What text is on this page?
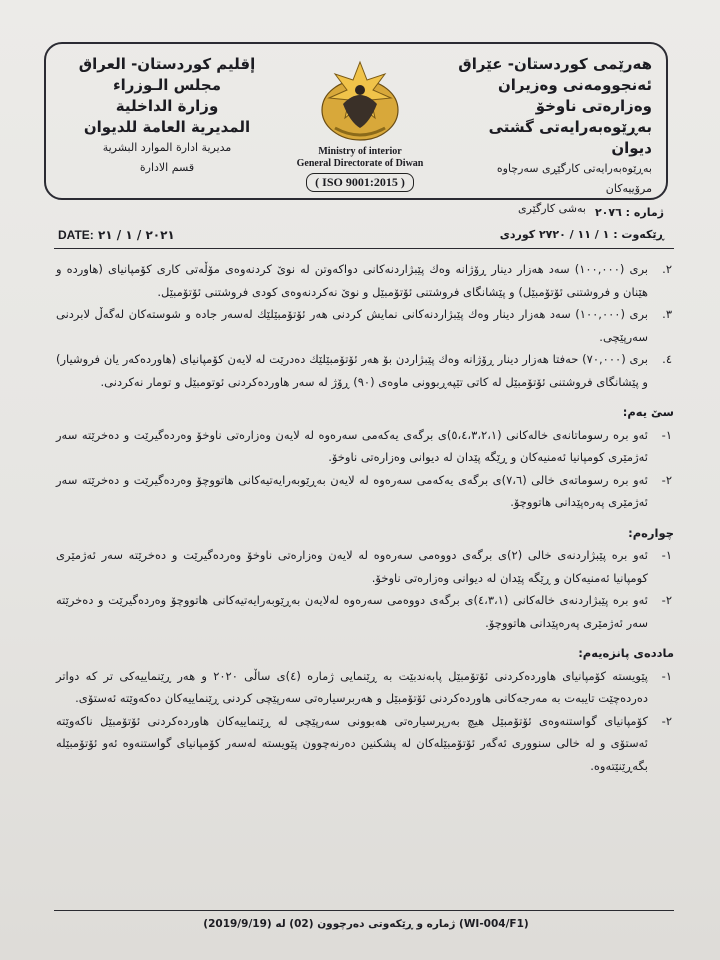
هەرێمی کوردستان- عێراق
ئەنجوومەنی وەزیران
وەزارەتی ناوخۆ
بەڕێوەبەرایەتی گشتی دیوان
بەڕێوەبەرایەتی کارگێڕی سەرچاوە مرۆییەکان
بەشی کارگێری
Ministry of interior
General Directorate of Diwan
( ISO 9001:2015 )
إقليم كوردستان- العراق
مجلس الـوزراء
وزارة الداخلية
المديرية العامة للديوان
مديرية ادارة الموارد البشرية
قسم الادارة
ژمارە : ٢٠٧٦
ڕێکەوت : ١ / ١١ / ٢٧٢٠ کوردی
DATE: ٢٠٢١ / ١ / ٢١
٢.
بری (١٠٠,٠٠٠) سەد هەزار دینار ڕۆژانە وەك پێبژاردنەکانی دواکەوتن لە نوێ کردنەوەی مۆڵەتی کاری کۆمپانیای (هاوردە و هێنان و فروشتنی ئۆتۆمبێل) و پێشانگای فروشتنی ئۆتۆمبێل و نوێ نەکردنەوەی کودی فروشتنی ئۆتۆمبێل.
٣.
بری (١٠٠,٠٠٠) سەد هەزار دینار وەك پێبژاردنەکانی نمایش کردنی هەر ئۆتۆمبێلێك لەسەر جادە و شوستەکان لەگەڵ لابردنی سەرپێچی.
٤.
بری (٧٠,٠٠٠) حەفتا هەزار دینار ڕۆژانە وەك پێبژاردن بۆ هەر ئۆتۆمبێلێك دەدرێت لە لایەن کۆمپانیای (هاوردەکەر یان فروشیار) و پێشانگای فروشتنی ئۆتۆمبێل لە کاتی تێپەڕبوونی ماوەی (٩٠) ڕۆژ لە سەر هاوردەکردنی ئوتومبێل و تومار نەکردنی.
سێ یەم:
١-
ئەو برە رسوماتانەی خالەکانی (٥،٤،٣،٢،١)ی برگەی یەکەمی سەرەوە لە لایەن وەزارەتی ناوخۆ وەردەگیرێت و دەخرێتە سەر ئەژمێری کومپانیا ئەمنیەکان و ڕێگە پێدان لە دیوانی وەزارەتی ناوخۆ.
٢-
ئەو برە رسوماتەی خالی (٧،٦)ی برگەی یەکەمی سەرەوە لە لایەن بەڕێوبەرایەتیەکانی هاتووچۆ وەردەگیرێت و دەخرێتە سەر ئەژمێری پەرەپێدانی هاتووچۆ.
چوارەم:
١-
ئەو برە پێبژاردنەی خالی (٢)ی برگەی دووەمی سەرەوە لە لایەن وەزارەتی ناوخۆ وەردەگیرێت و دەخرێتە سەر ئەژمێری کومپانیا ئەمنیەکان و ڕێگە پێدان لە دیوانی وەزارەتی ناوخۆ.
٢-
ئەو برە پێبژاردنەی خالەکانی (٤،٣،١)ی برگەی دووەمی سەرەوە لەلایەن بەڕێوبەرایەتیەکانی هاتووچۆ وەردەگیرێت و دەخرێتە سەر ئەژمێری پەرەپێدانی هاتووچۆ.
ماددەی پانزەیەم:
١-
پێویستە کۆمپانیای هاوردەکردنی ئۆتۆمبێل پابەندبێت بە ڕێنمایی ژمارە (٤)ی ساڵی ٢٠٢٠ و هەر ڕێنماییەکی تر کە دواتر دەردەچێت تایبەت بە مەرجەکانی هاوردەکردنی ئۆتۆمبێل و هەربرسیارەتی سەرپێچی کردنی ڕێنماییەکان دەکەوێتە ئەستۆی.
٢-
کۆمپانیای گواستنەوەی ئۆتۆمبێل هیچ بەرپرسیارەتی هەبوونی سەرپێچی لە ڕێنماییەکان هاوردەکردنی ئۆتۆمبێل ناکەوێتە ئەستۆی و لە خالی سنووری ئەگەر ئۆتۆمبێلەکان لە پشکنین دەرنەچوون پێویستە لەسەر کۆمپانیای گواستنەوە ئەو ئۆتۆمبێلە بگەڕێنێتەوە.
(WI-004/F1) ژمارە و ڕێکەوتی دەرچوون (02) لە (2019/9/19)
